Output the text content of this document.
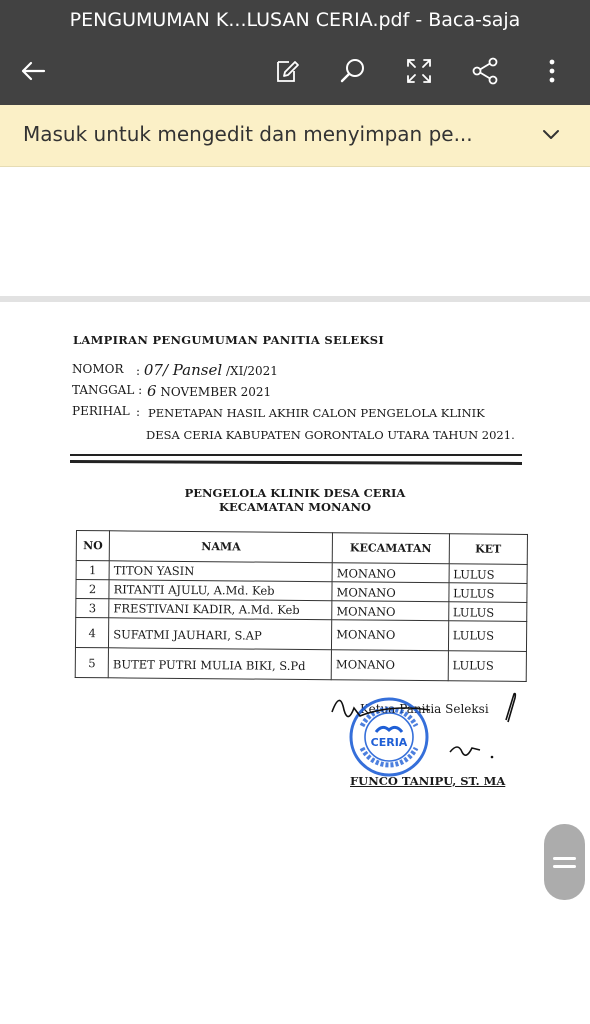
PENGUMUMAN K...LUSAN CERIA.pdf - Baca-saja
Masuk untuk mengedit dan menyimpan pe...
LAMPIRAN PENGUMUMAN PANITIA SELEKSI
NOMOR : 07/ Pansel /XI/2021
TANGGAL : 6 NOVEMBER 2021
PERIHAL : PENETAPAN HASIL AKHIR CALON PENGELOLA KLINIK
DESA CERIA KABUPATEN GORONTALO UTARA TAHUN 2021.
PENGELOLA KLINIK DESA CERIA
KECAMATAN MONANO
NO	NAMA	KECAMATAN	KET
1	TITON YASIN	MONANO	LULUS
2	RITANTI AJULU, A.Md. Keb	MONANO	LULUS
3	FRESTIVANI KADIR, A.Md. Keb	MONANO	LULUS
4	SUFATMI JAUHARI, S.AP	MONANO	LULUS
5	BUTET PUTRI MULIA BIKI, S.Pd	MONANO	LULUS
Ketua Panitia Seleksi
CERIA
FUNCO TANIPU, ST. MA
